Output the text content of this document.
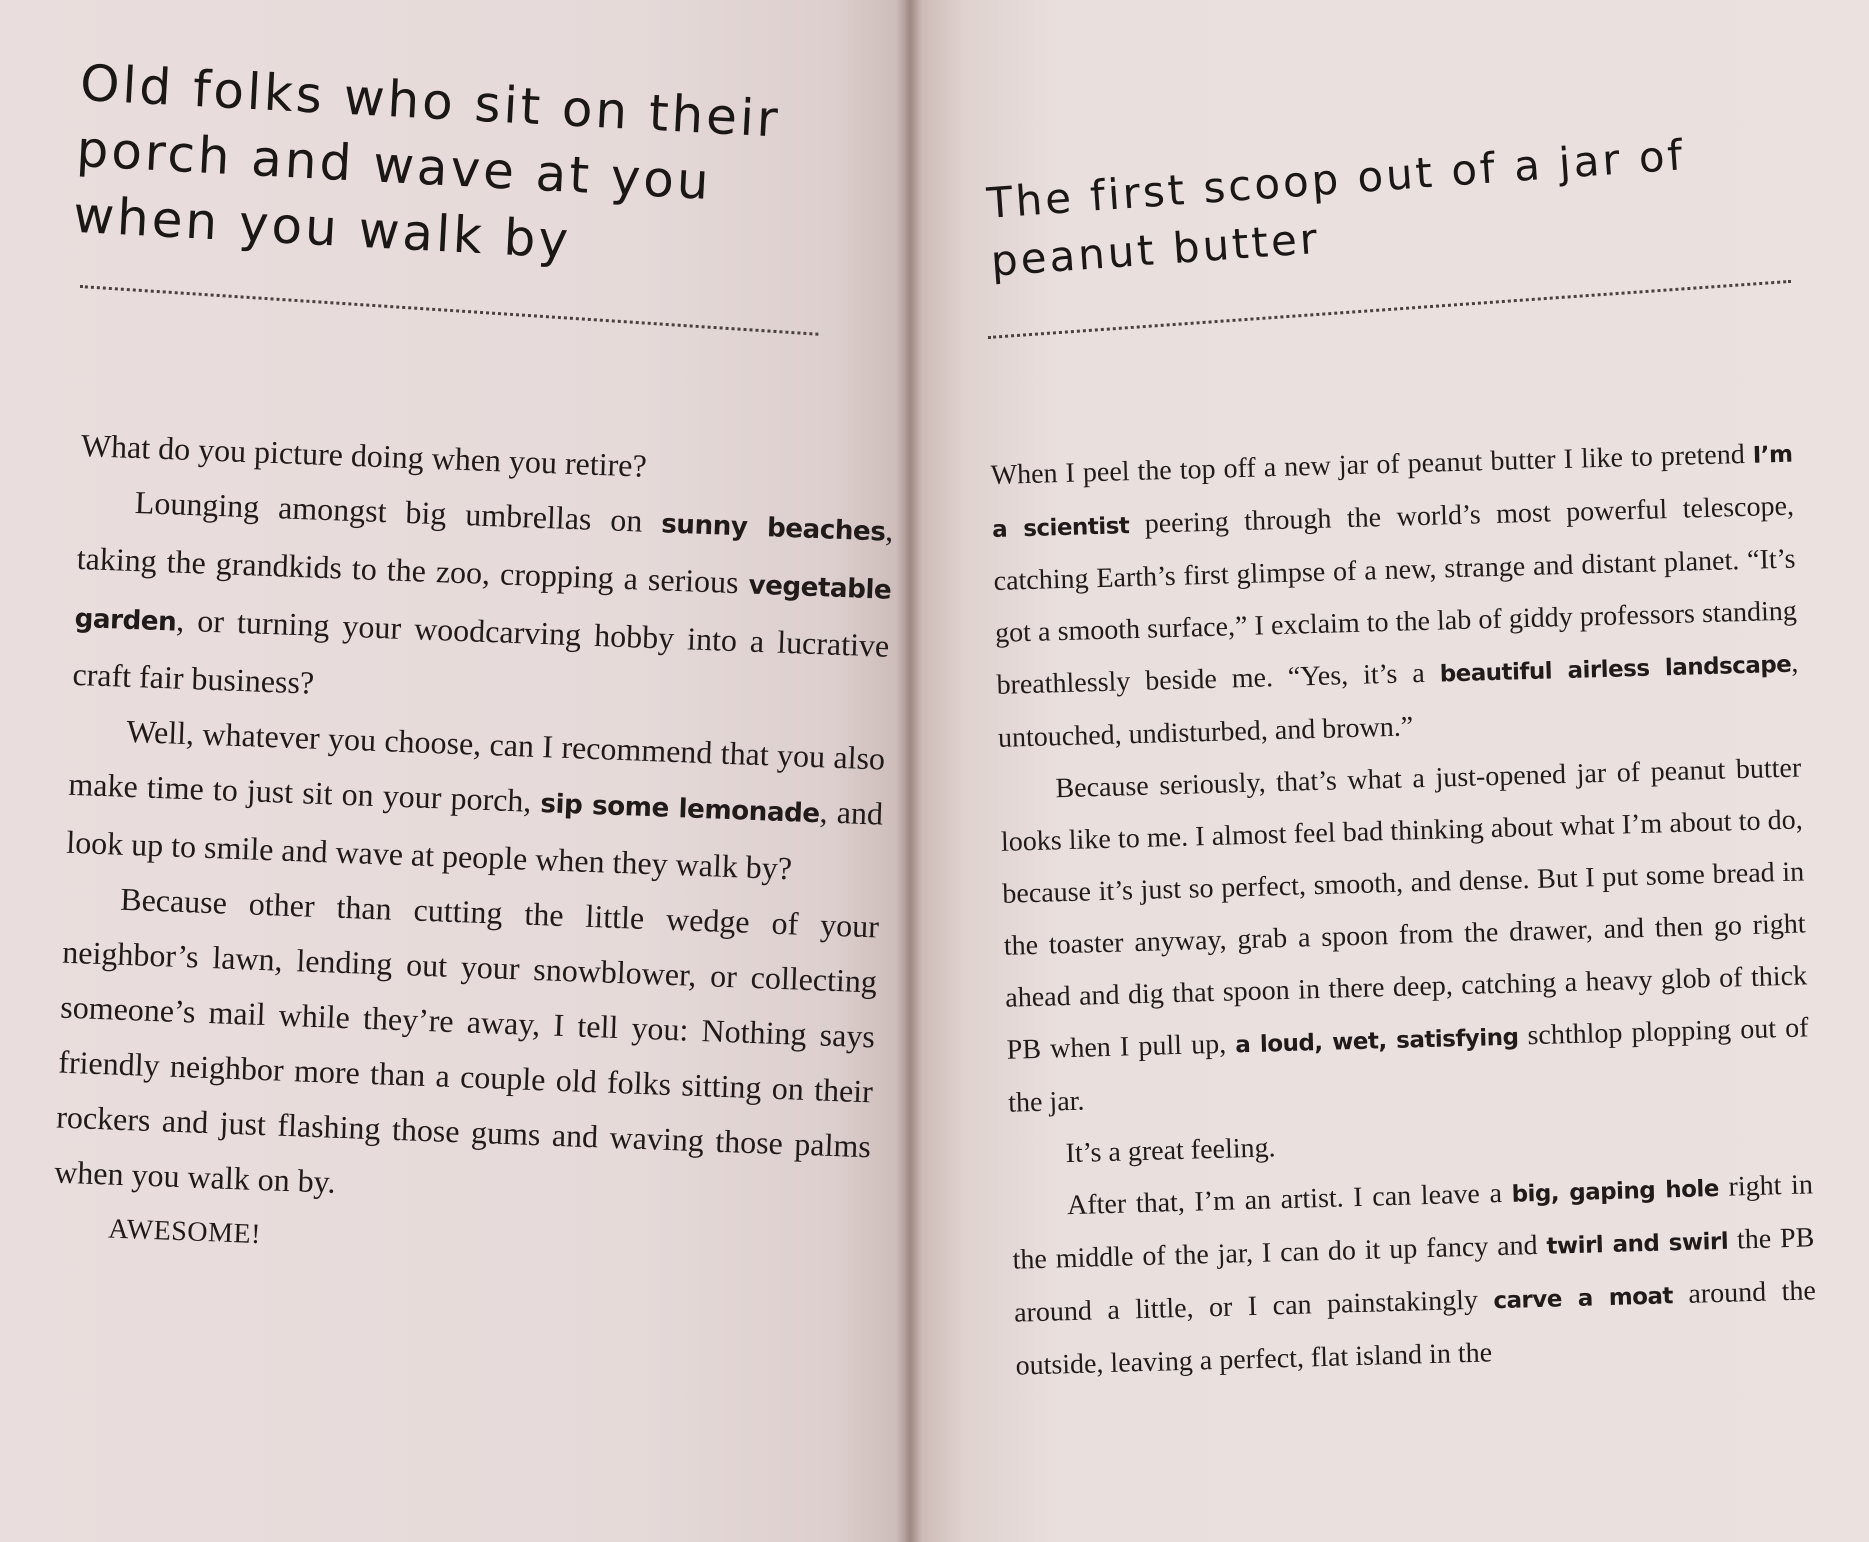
Old folks who sit on their porch and wave at you when you walk by

What do you picture doing when you retire?

Lounging amongst big umbrellas on sunny beaches, taking the grandkids to the zoo, cropping a serious vegetable garden, or turning your woodcarving hobby into a lucrative craft fair business?

Well, whatever you choose, can I recommend that you also make time to just sit on your porch, sip some lemonade, and look up to smile and wave at people when they walk by?

Because other than cutting the little wedge of your neighbor’s lawn, lending out your snowblower, or collecting someone’s mail while they’re away, I tell you: Nothing says friendly neighbor more than a couple old folks sitting on their rockers and just flashing those gums and waving those palms when you walk on by.

AWESOME!

The first scoop out of a jar of peanut butter

When I peel the top off a new jar of peanut butter I like to pretend I’m a scientist peering through the world’s most powerful telescope, catching Earth’s first glimpse of a new, strange and distant planet. “It’s got a smooth surface,” I exclaim to the lab of giddy professors standing breathlessly beside me. “Yes, it’s a beautiful airless landscape, untouched, undisturbed, and brown.”

Because seriously, that’s what a just-opened jar of peanut butter looks like to me. I almost feel bad thinking about what I’m about to do, because it’s just so perfect, smooth, and dense. But I put some bread in the toaster anyway, grab a spoon from the drawer, and then go right ahead and dig that spoon in there deep, catching a heavy glob of thick PB when I pull up, a loud, wet, satisfying schthlop plopping out of the jar.

It’s a great feeling.

After that, I’m an artist. I can leave a big, gaping hole right in the middle of the jar, I can do it up fancy and twirl and swirl the PB around a little, or I can painstakingly carve a moat around the outside, leaving a perfect, flat island in the
